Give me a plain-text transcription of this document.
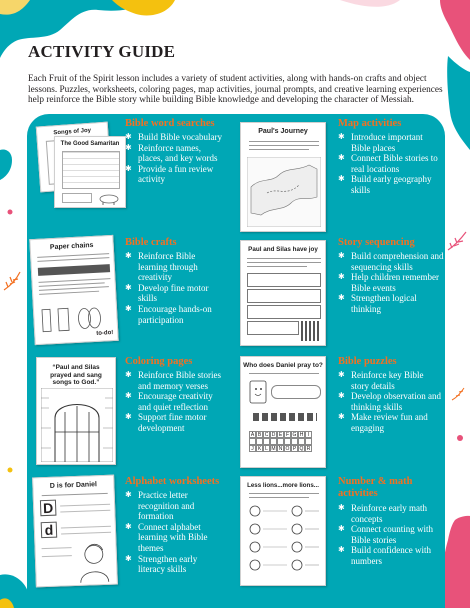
ACTIVITY GUIDE
Each Fruit of the Spirit lesson includes a variety of student activities, along with hands-on crafts and object lessons. Puzzles, worksheets, coloring pages, map activities, journal prompts, and creative learning experiences help reinforce the Bible story while building Bible knowledge and developing the character of Messiah.
Songs of Joy
The Good Samaritan
Bible word searches
✱ Build Bible vocabulary
✱ Reinforce names, places, and key words
✱ Provide a fun review activity
Paul's Journey
Map activities
✱ Introduce important Bible places
✱ Connect Bible stories to real locations
✱ Build early geography skills
Paper chains
to-do!
Bible crafts
✱ Reinforce Bible learning through creativity
✱ Develop fine motor skills
✱ Encourage hands-on participation
Paul and Silas have joy
Story sequencing
✱ Build comprehension and sequencing skills
✱ Help children remember Bible events
✱ Strengthen logical thinking
“Paul and Silas prayed and sang songs to God.”
Coloring pages
✱ Reinforce Bible stories and memory verses
✱ Encourage creativity and quiet reflection
✱ Support fine motor development
Who does Daniel pray to?
A B C D E F G H I  J K L M N O P Q R
Bible puzzles
✱ Reinforce key Bible story details
✱ Develop observation and thinking skills
✱ Make review fun and engaging
D is for Daniel
D
d
Alphabet worksheets
✱ Practice letter recognition and formation
✱ Connect alphabet learning with Bible themes
✱ Strengthen early literacy skills
Less lions...more lions...	Number & math activities
✱ Reinforce early math concepts
✱ Connect counting with Bible stories
✱ Build confidence with numbers
